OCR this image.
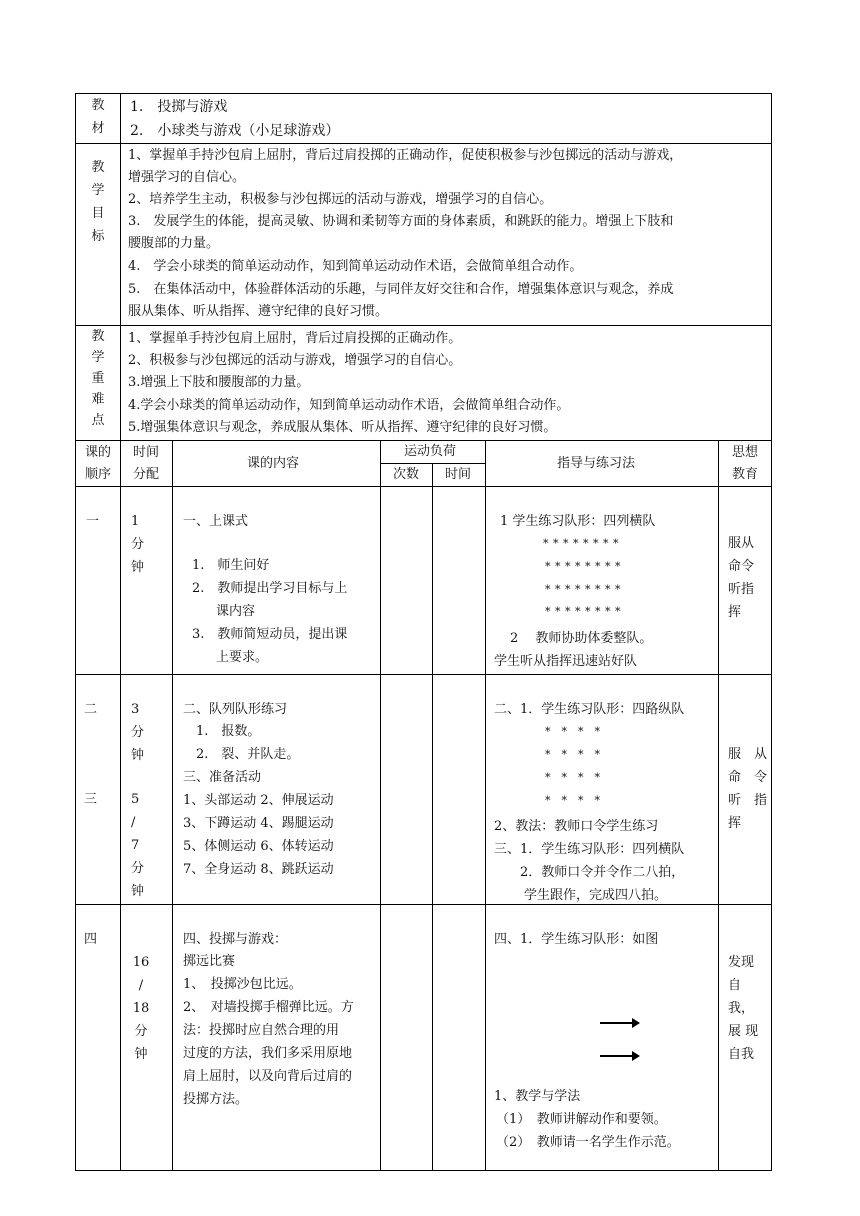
教
材
1.　投掷与游戏
2.　小球类与游戏（小足球游戏）
教
学
目
标
1、掌握单手持沙包肩上屈肘，背后过肩投掷的正确动作，促使积极参与沙包掷远的活动与游戏，
增强学习的自信心。
2、培养学生主动，积极参与沙包掷远的活动与游戏，增强学习的自信心。
3.　发展学生的体能，提高灵敏、协调和柔韧等方面的身体素质，和跳跃的能力。增强上下肢和
腰腹部的力量。
4.　学会小球类的简单运动动作，知到简单运动动作术语，会做简单组合动作。
5.　在集体活动中，体验群体活动的乐趣，与同伴友好交往和合作，增强集体意识与观念，养成
服从集体、听从指挥、遵守纪律的良好习惯。
教
学
重
难
点
1、掌握单手持沙包肩上屈肘，背后过肩投掷的正确动作。
2、积极参与沙包掷远的活动与游戏，增强学习的自信心。
3.增强上下肢和腰腹部的力量。
4.学会小球类的简单运动动作，知到简单运动动作术语，会做简单组合动作。
5.增强集体意识与观念，养成服从集体、听从指挥、遵守纪律的良好习惯。
课的
顺序
时间
分配
课的内容
运动负荷
次数 时间
指导与练习法
思想
教育
一 1
分
钟
一、上课式
1.　师生问好
2.　教师提出学习目标与上
课内容
3.　教师简短动员，提出课
上要求。
1 学生练习队形：四列横队
* * * * * * * *
* * * * * * * *
* * * * * * * *
* * * * * * * *
2　 教师协助体委整队。
学生听从指挥迅速站好队
服从
命令
听指
挥
二
三
3
分
钟
5
/
7
分
钟
二、队列队形练习
1.　报数。
2.　裂、并队走。
三、准备活动
1、头部运动 2、伸展运动
3、下蹲运动 4、踢腿运动
5、体侧运动 6、体转运动
7、全身运动 8、跳跃运动
二、1．学生练习队形：四路纵队
*　*　*　*
*　*　*　*
*　*　*　*
*　*　*　*
2、教法：教师口令学生练习
三、1．学生练习队形：四列横队
2．教师口令并令作二八拍，
学生跟作，完成四八拍。
服　从
命　令
听　指
挥
四
16
/
18
分
钟
四、投掷与游戏：
掷远比赛
1、　投掷沙包比远。
2、　对墙投掷手榴弹比远。方
法：投掷时应自然合理的用
过度的方法，我们多采用原地
肩上屈肘，以及向背后过肩的
投掷方法。
四、1．学生练习队形：如图
1、教学与学法
（1）　教师讲解动作和要领。
（2）　教师请一名学生作示范。
发现
自
我，
展 现
自我
